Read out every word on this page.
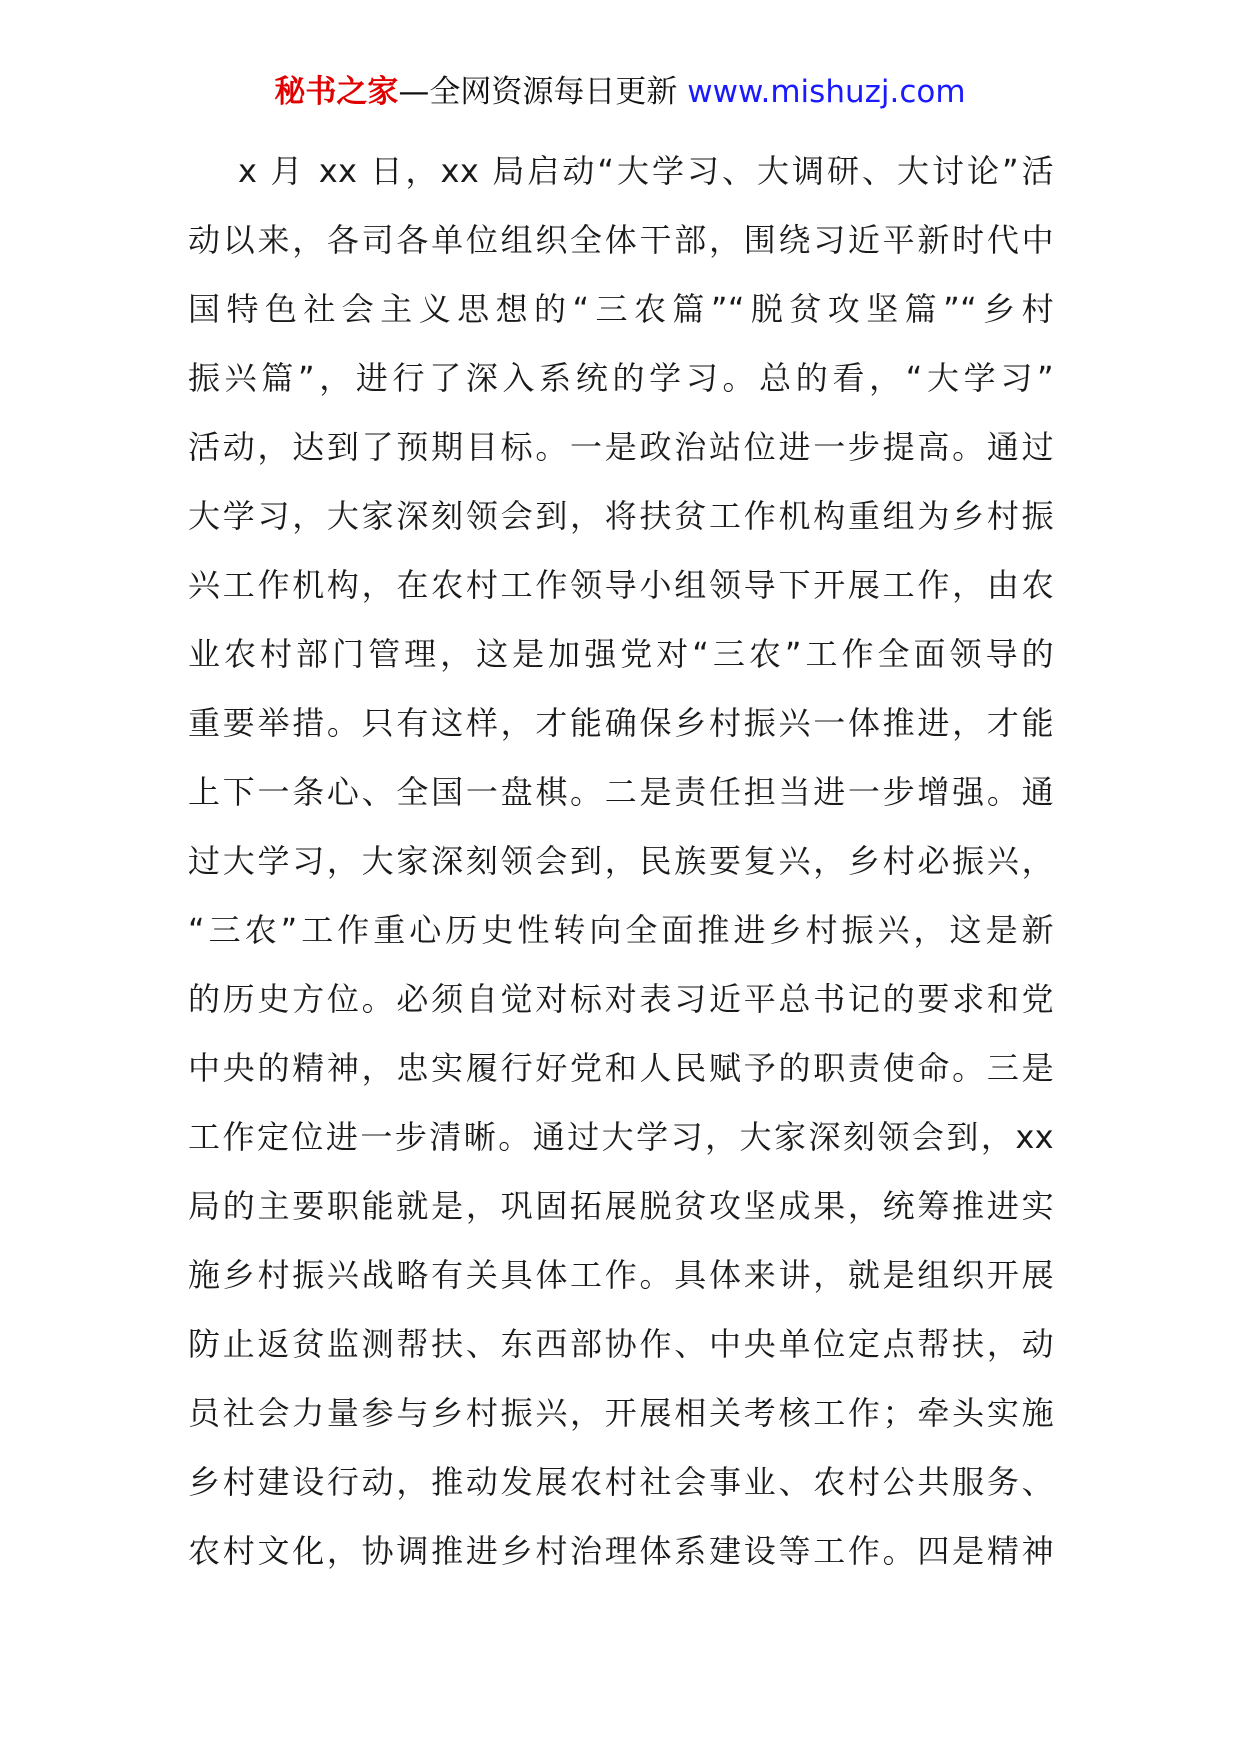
秘书之家—全网资源每日更新 www.mishuzj.com
x 月 xx 日，xx 局启动“大学习、大调研、大讨论”活
动以来，各司各单位组织全体干部，围绕习近平新时代中
国特色社会主义思想的“三农篇”“脱贫攻坚篇”“乡村
振兴篇”，进行了深入系统的学习。总的看，“大学习”
活动，达到了预期目标。一是政治站位进一步提高。通过
大学习，大家深刻领会到，将扶贫工作机构重组为乡村振
兴工作机构，在农村工作领导小组领导下开展工作，由农
业农村部门管理，这是加强党对“三农”工作全面领导的
重要举措。只有这样，才能确保乡村振兴一体推进，才能
上下一条心、全国一盘棋。二是责任担当进一步增强。通
过大学习，大家深刻领会到，民族要复兴，乡村必振兴，
“三农”工作重心历史性转向全面推进乡村振兴，这是新
的历史方位。必须自觉对标对表习近平总书记的要求和党
中央的精神，忠实履行好党和人民赋予的职责使命。三是
工作定位进一步清晰。通过大学习，大家深刻领会到，xx
局的主要职能就是，巩固拓展脱贫攻坚成果，统筹推进实
施乡村振兴战略有关具体工作。具体来讲，就是组织开展
防止返贫监测帮扶、东西部协作、中央单位定点帮扶，动
员社会力量参与乡村振兴，开展相关考核工作；牵头实施
乡村建设行动，推动发展农村社会事业、农村公共服务、
农村文化，协调推进乡村治理体系建设等工作。四是精神
